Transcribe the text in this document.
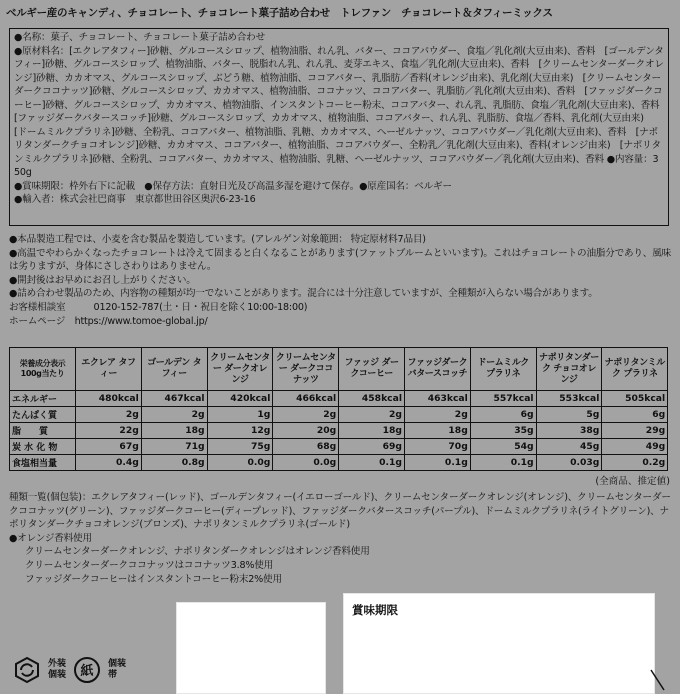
ベルギー産のキャンディ、チョコレート、チョコレート菓子詰め合わせ　トレファン　チョコレート＆タフィーミックス

●名称：菓子、チョコレート、チョコレート菓子詰め合わせ

●原材料名：[エクレアタフィー]砂糖、グルコースシロップ、植物油脂、れん乳、バター、ココアパウダー、食塩／乳化剤(大豆由来)、香料　[ゴールデンタフィー]砂糖、グルコースシロップ、植物油脂、バター、脱脂れん乳、れん乳、麦芽エキス、食塩／乳化剤(大豆由来)、香料　[クリームセンターダークオレンジ]砂糖、カカオマス、グルコースシロップ、ぶどう糖、植物油脂、ココアバター、乳脂肪／香料(オレンジ由来)、乳化剤(大豆由来)　[クリームセンターダークココナッツ]砂糖、グルコースシロップ、カカオマス、植物油脂、ココナッツ、ココアバター、乳脂肪／乳化剤(大豆由来)、香料　[ファッジダークコーヒー]砂糖、グルコースシロップ、カカオマス、植物油脂、インスタントコーヒー粉末、ココアバター、れん乳、乳脂肪、食塩／乳化剤(大豆由来)、香料　[ファッジダークバタースコッチ]砂糖、グルコースシロップ、カカオマス、植物油脂、ココアバター、れん乳、乳脂肪、食塩／香料、乳化剤(大豆由来)　[ドームミルクプラリネ]砂糖、全粉乳、ココアバター、植物油脂、乳糖、カカオマス、ヘーゼルナッツ、ココアパウダー／乳化剤(大豆由来)、香料　[ナポリタンダークチョコオレンジ]砂糖、カカオマス、ココアバター、植物油脂、ココアパウダー、全粉乳／乳化剤(大豆由来)、香料(オレンジ由来)　[ナポリタンミルクプラリネ]砂糖、全粉乳、ココアバター、カカオマス、植物油脂、乳糖、ヘーゼルナッツ、ココアパウダー／乳化剤(大豆由来)、香料 ●内容量：350g

●賞味期限：枠外右下に記載　●保存方法：直射日光及び高温多湿を避けて保存。●原産国名：ベルギー

●輸入者：株式会社巴商事　東京都世田谷区奥沢6-23-16

●本品製造工程では、小麦を含む製品を製造しています。(アレルゲン対象範囲： 特定原材料7品目)

●高温でやわらかくなったチョコレートは冷えて固まると白くなることがあります(ファットブルームといいます)。これはチョコレートの油脂分であり、風味は劣りますが、身体にさしさわりはありません。

●開封後はお早めにお召し上がりください。

●詰め合わせ製品のため、内容物の種類が均一でないことがあります。混合には十分注意していますが、全種類が入らない場合があります。

お客様相談室　　　0120-152-787(土・日・祝日を除く10:00-18:00)

ホームページ　https://www.tomoe-global.jp/

栄養成分表示 100g当たり	エクレア タフィー	ゴールデン タフィー	クリームセンター ダークオレンジ	クリームセンター ダークココナッツ	ファッジ ダークコーヒー	ファッジダーク バタースコッチ	ドームミルク プラリネ	ナポリタンダーク チョコオレンジ	ナポリタンミルク プラリネ
エネルギー	480kcal	467kcal	420kcal	466kcal	458kcal	463kcal	557kcal	553kcal	505kcal
たんぱく質	2g	2g	1g	2g	2g	2g	6g	5g	6g
脂　　質	22g	18g	12g	20g	18g	18g	35g	38g	29g
炭 水 化 物	67g	71g	75g	68g	69g	70g	54g	45g	49g
食塩相当量	0.4g	0.8g	0.0g	0.0g	0.1g	0.1g	0.1g	0.03g	0.2g
(全商品、推定値)

種類一覧(個包装)：エクレアタフィー(レッド)、ゴールデンタフィー(イエローゴールド)、クリームセンターダークオレンジ(オレンジ)、クリームセンターダークココナッツ(グリーン)、ファッジダークコーヒー(ディープレッド)、ファッジダークバタースコッチ(パープル)、ドームミルクプラリネ(ライトグリーン)、ナポリタンダークチョコオレンジ(ブロンズ)、ナポリタンミルクプラリネ(ゴールド)

●オレンジ香料使用

クリームセンターダークオレンジ、ナポリタンダークオレンジはオレンジ香料使用

クリームセンターダークココナッツはココナッツ3.8%使用

ファッジダークコーヒーはインスタントコーヒー粉末2%使用

賞味期限
外装
個装 紙 個装
帯
